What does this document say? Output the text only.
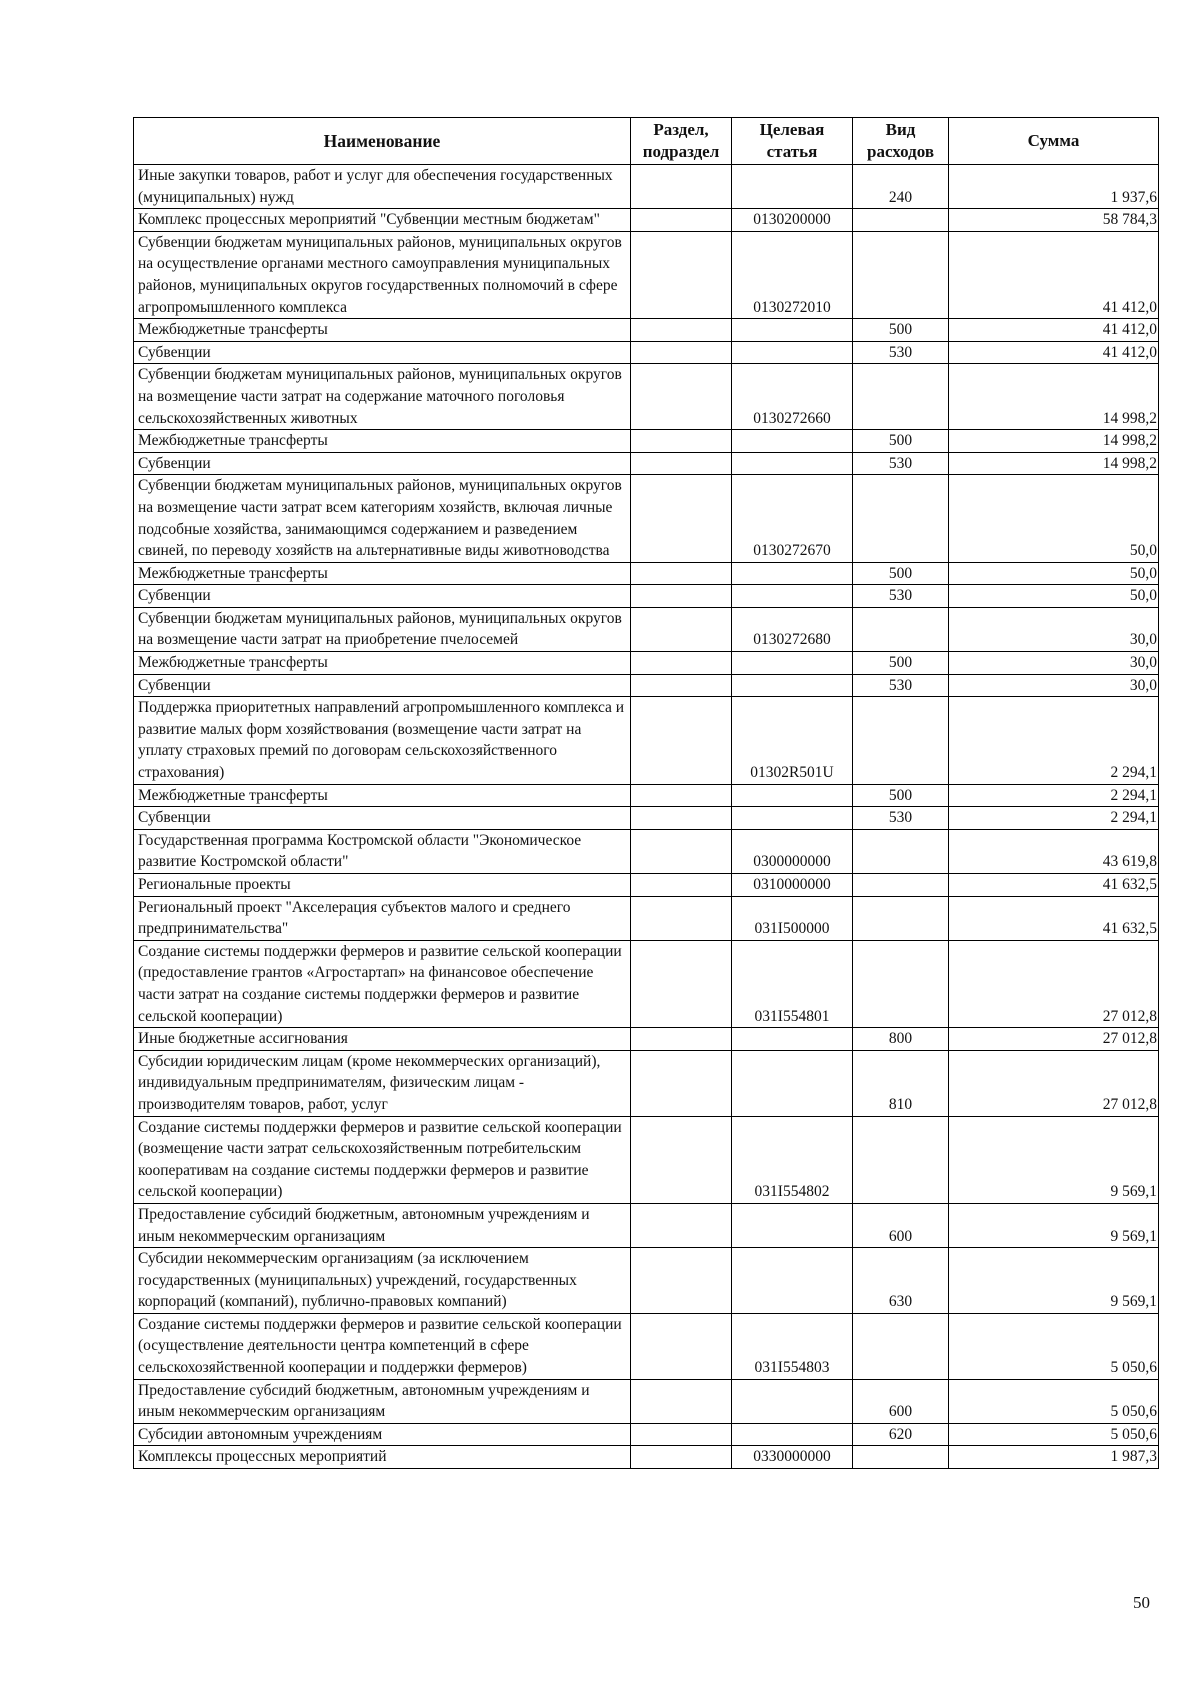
Наименование	Раздел, подраздел	Целевая статья	Вид расходов	Сумма
Иные закупки товаров, работ и услуг для обеспечения государственных (муниципальных) нужд			240	1 937,6
Комплекс процессных мероприятий "Субвенции местным бюджетам"		0130200000		58 784,3
Субвенции бюджетам муниципальных районов, муниципальных округов на осуществление органами местного самоуправления муниципальных районов, муниципальных округов государственных полномочий в сфере агропромышленного комплекса		0130272010		41 412,0
Межбюджетные трансферты			500	41 412,0
Субвенции			530	41 412,0
Субвенции бюджетам муниципальных районов, муниципальных округов на возмещение части затрат на содержание маточного поголовья сельскохозяйственных животных		0130272660		14 998,2
Межбюджетные трансферты			500	14 998,2
Субвенции			530	14 998,2
Субвенции бюджетам муниципальных районов, муниципальных округов на возмещение части затрат всем категориям хозяйств, включая личные подсобные хозяйства, занимающимся содержанием и разведением свиней, по переводу хозяйств на альтернативные виды животноводства		0130272670		50,0
Межбюджетные трансферты			500	50,0
Субвенции			530	50,0
Субвенции бюджетам муниципальных районов, муниципальных округов на возмещение части затрат на приобретение пчелосемей		0130272680		30,0
Межбюджетные трансферты			500	30,0
Субвенции			530	30,0
Поддержка приоритетных направлений агропромышленного комплекса и развитие малых форм хозяйствования (возмещение части затрат на уплату страховых премий по договорам сельскохозяйственного страхования)		01302R501U		2 294,1
Межбюджетные трансферты			500	2 294,1
Субвенции			530	2 294,1
Государственная программа Костромской области "Экономическое развитие Костромской области"		0300000000		43 619,8
Региональные проекты		0310000000		41 632,5
Региональный проект "Акселерация субъектов малого и среднего предпринимательства"		031I500000		41 632,5
Создание системы поддержки фермеров и развитие сельской кооперации (предоставление грантов «Агростартап» на финансовое обеспечение части затрат на создание системы поддержки фермеров и развитие сельской кооперации)		031I554801		27 012,8
Иные бюджетные ассигнования			800	27 012,8
Субсидии юридическим лицам (кроме некоммерческих организаций), индивидуальным предпринимателям, физическим лицам - производителям товаров, работ, услуг			810	27 012,8
Создание системы поддержки фермеров и развитие сельской кооперации (возмещение части затрат сельскохозяйственным потребительским кооперативам на создание системы поддержки фермеров и развитие сельской кооперации)		031I554802		9 569,1
Предоставление субсидий бюджетным, автономным учреждениям и иным некоммерческим организациям			600	9 569,1
Субсидии некоммерческим организациям (за исключением государственных (муниципальных) учреждений, государственных корпораций (компаний), публично-правовых компаний)			630	9 569,1
Создание системы поддержки фермеров и развитие сельской кооперации (осуществление деятельности центра компетенций в сфере сельскохозяйственной кооперации и поддержки фермеров)		031I554803		5 050,6
Предоставление субсидий бюджетным, автономным учреждениям и иным некоммерческим организациям			600	5 050,6
Субсидии автономным учреждениям			620	5 050,6
Комплексы процессных мероприятий		0330000000		1 987,3
50
